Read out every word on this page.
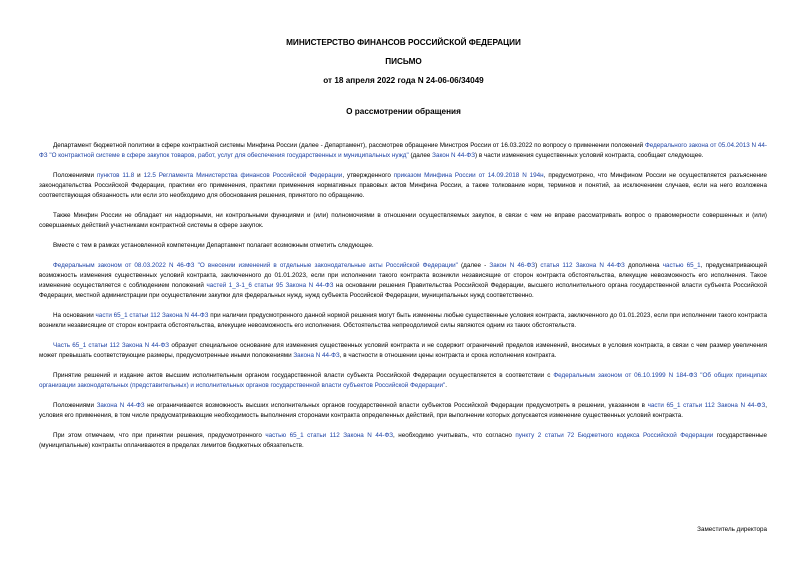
МИНИСТЕРСТВО ФИНАНСОВ РОССИЙСКОЙ ФЕДЕРАЦИИ
ПИСЬМО
от 18 апреля 2022 года N 24-06-06/34049
О рассмотрении обращения

Департамент бюджетной политики в сфере контрактной системы Минфина России (далее - Департамент), рассмотрев обращение Минстроя России от 16.03.2022 по вопросу о применении положений Федерального закона от 05.04.2013 N 44-ФЗ "О контрактной системе в сфере закупок товаров, работ, услуг для обеспечения государственных и муниципальных нужд" (далее Закон N 44-ФЗ) в части изменения существенных условий контракта, сообщает следующее.

Положениями пунктов 11.8 и 12.5 Регламента Министерства финансов Российской Федерации, утвержденного приказом Минфина России от 14.09.2018 N 194н, предусмотрено, что Минфином России не осуществляется разъяснение законодательства Российской Федерации, практики его применения, практики применения нормативных правовых актов Минфина России, а также толкование норм, терминов и понятий, за исключением случаев, если на него возложена соответствующая обязанность или если это необходимо для обоснования решения, принятого по обращению.

Также Минфин России не обладает ни надзорными, ни контрольными функциями и (или) полномочиями в отношении осуществляемых закупок, в связи с чем не вправе рассматривать вопрос о правомерности совершенных и (или) совершаемых действий участниками контрактной системы в сфере закупок.

Вместе с тем в рамках установленной компетенции Департамент полагает возможным отметить следующее.

Федеральным законом от 08.03.2022 N 46-ФЗ "О внесении изменений в отдельные законодательные акты Российской Федерации" (далее - Закон N 46-ФЗ) статья 112 Закона N 44-ФЗ дополнена частью 65_1, предусматривающей возможность изменения существенных условий контракта, заключенного до 01.01.2023, если при исполнении такого контракта возникли независящие от сторон контракта обстоятельства, влекущие невозможность его исполнения. Такое изменение осуществляется с соблюдением положений частей 1_3-1_6 статьи 95 Закона N 44-ФЗ на основании решения Правительства Российской Федерации, высшего исполнительного органа государственной власти субъекта Российской Федерации, местной администрации при осуществлении закупки для федеральных нужд, нужд субъекта Российской Федерации, муниципальных нужд соответственно.

На основании части 65_1 статьи 112 Закона N 44-ФЗ при наличии предусмотренного данной нормой решения могут быть изменены любые существенные условия контракта, заключенного до 01.01.2023, если при исполнении такого контракта возникли независящие от сторон контракта обстоятельства, влекущие невозможность его исполнения. Обстоятельства непреодолимой силы являются одним из таких обстоятельств.

Часть 65_1 статьи 112 Закона N 44-ФЗ образует специальное основание для изменения существенных условий контракта и не содержит ограничений пределов изменений, вносимых в условия контракта, в связи с чем размер увеличения может превышать соответствующие размеры, предусмотренные иными положениями Закона N 44-ФЗ, в частности в отношении цены контракта и срока исполнения контракта.

Принятие решений и издание актов высшим исполнительным органом государственной власти субъекта Российской Федерации осуществляется в соответствии с Федеральным законом от 06.10.1999 N 184-ФЗ "Об общих принципах организации законодательных (представительных) и исполнительных органов государственной власти субъектов Российской Федерации".

Положениями Закона N 44-ФЗ не ограничивается возможность высших исполнительных органов государственной власти субъектов Российской Федерации предусмотреть в решении, указанном в части 65_1 статьи 112 Закона N 44-ФЗ, условия его применения, в том числе предусматривающие необходимость выполнения сторонами контракта определенных действий, при выполнении которых допускается изменение существенных условий контракта.

При этом отмечаем, что при принятии решения, предусмотренного частью 65_1 статьи 112 Закона N 44-ФЗ, необходимо учитывать, что согласно пункту 2 статьи 72 Бюджетного кодекса Российской Федерации государственные (муниципальные) контракты оплачиваются в пределах лимитов бюджетных обязательств.

Заместитель директора
